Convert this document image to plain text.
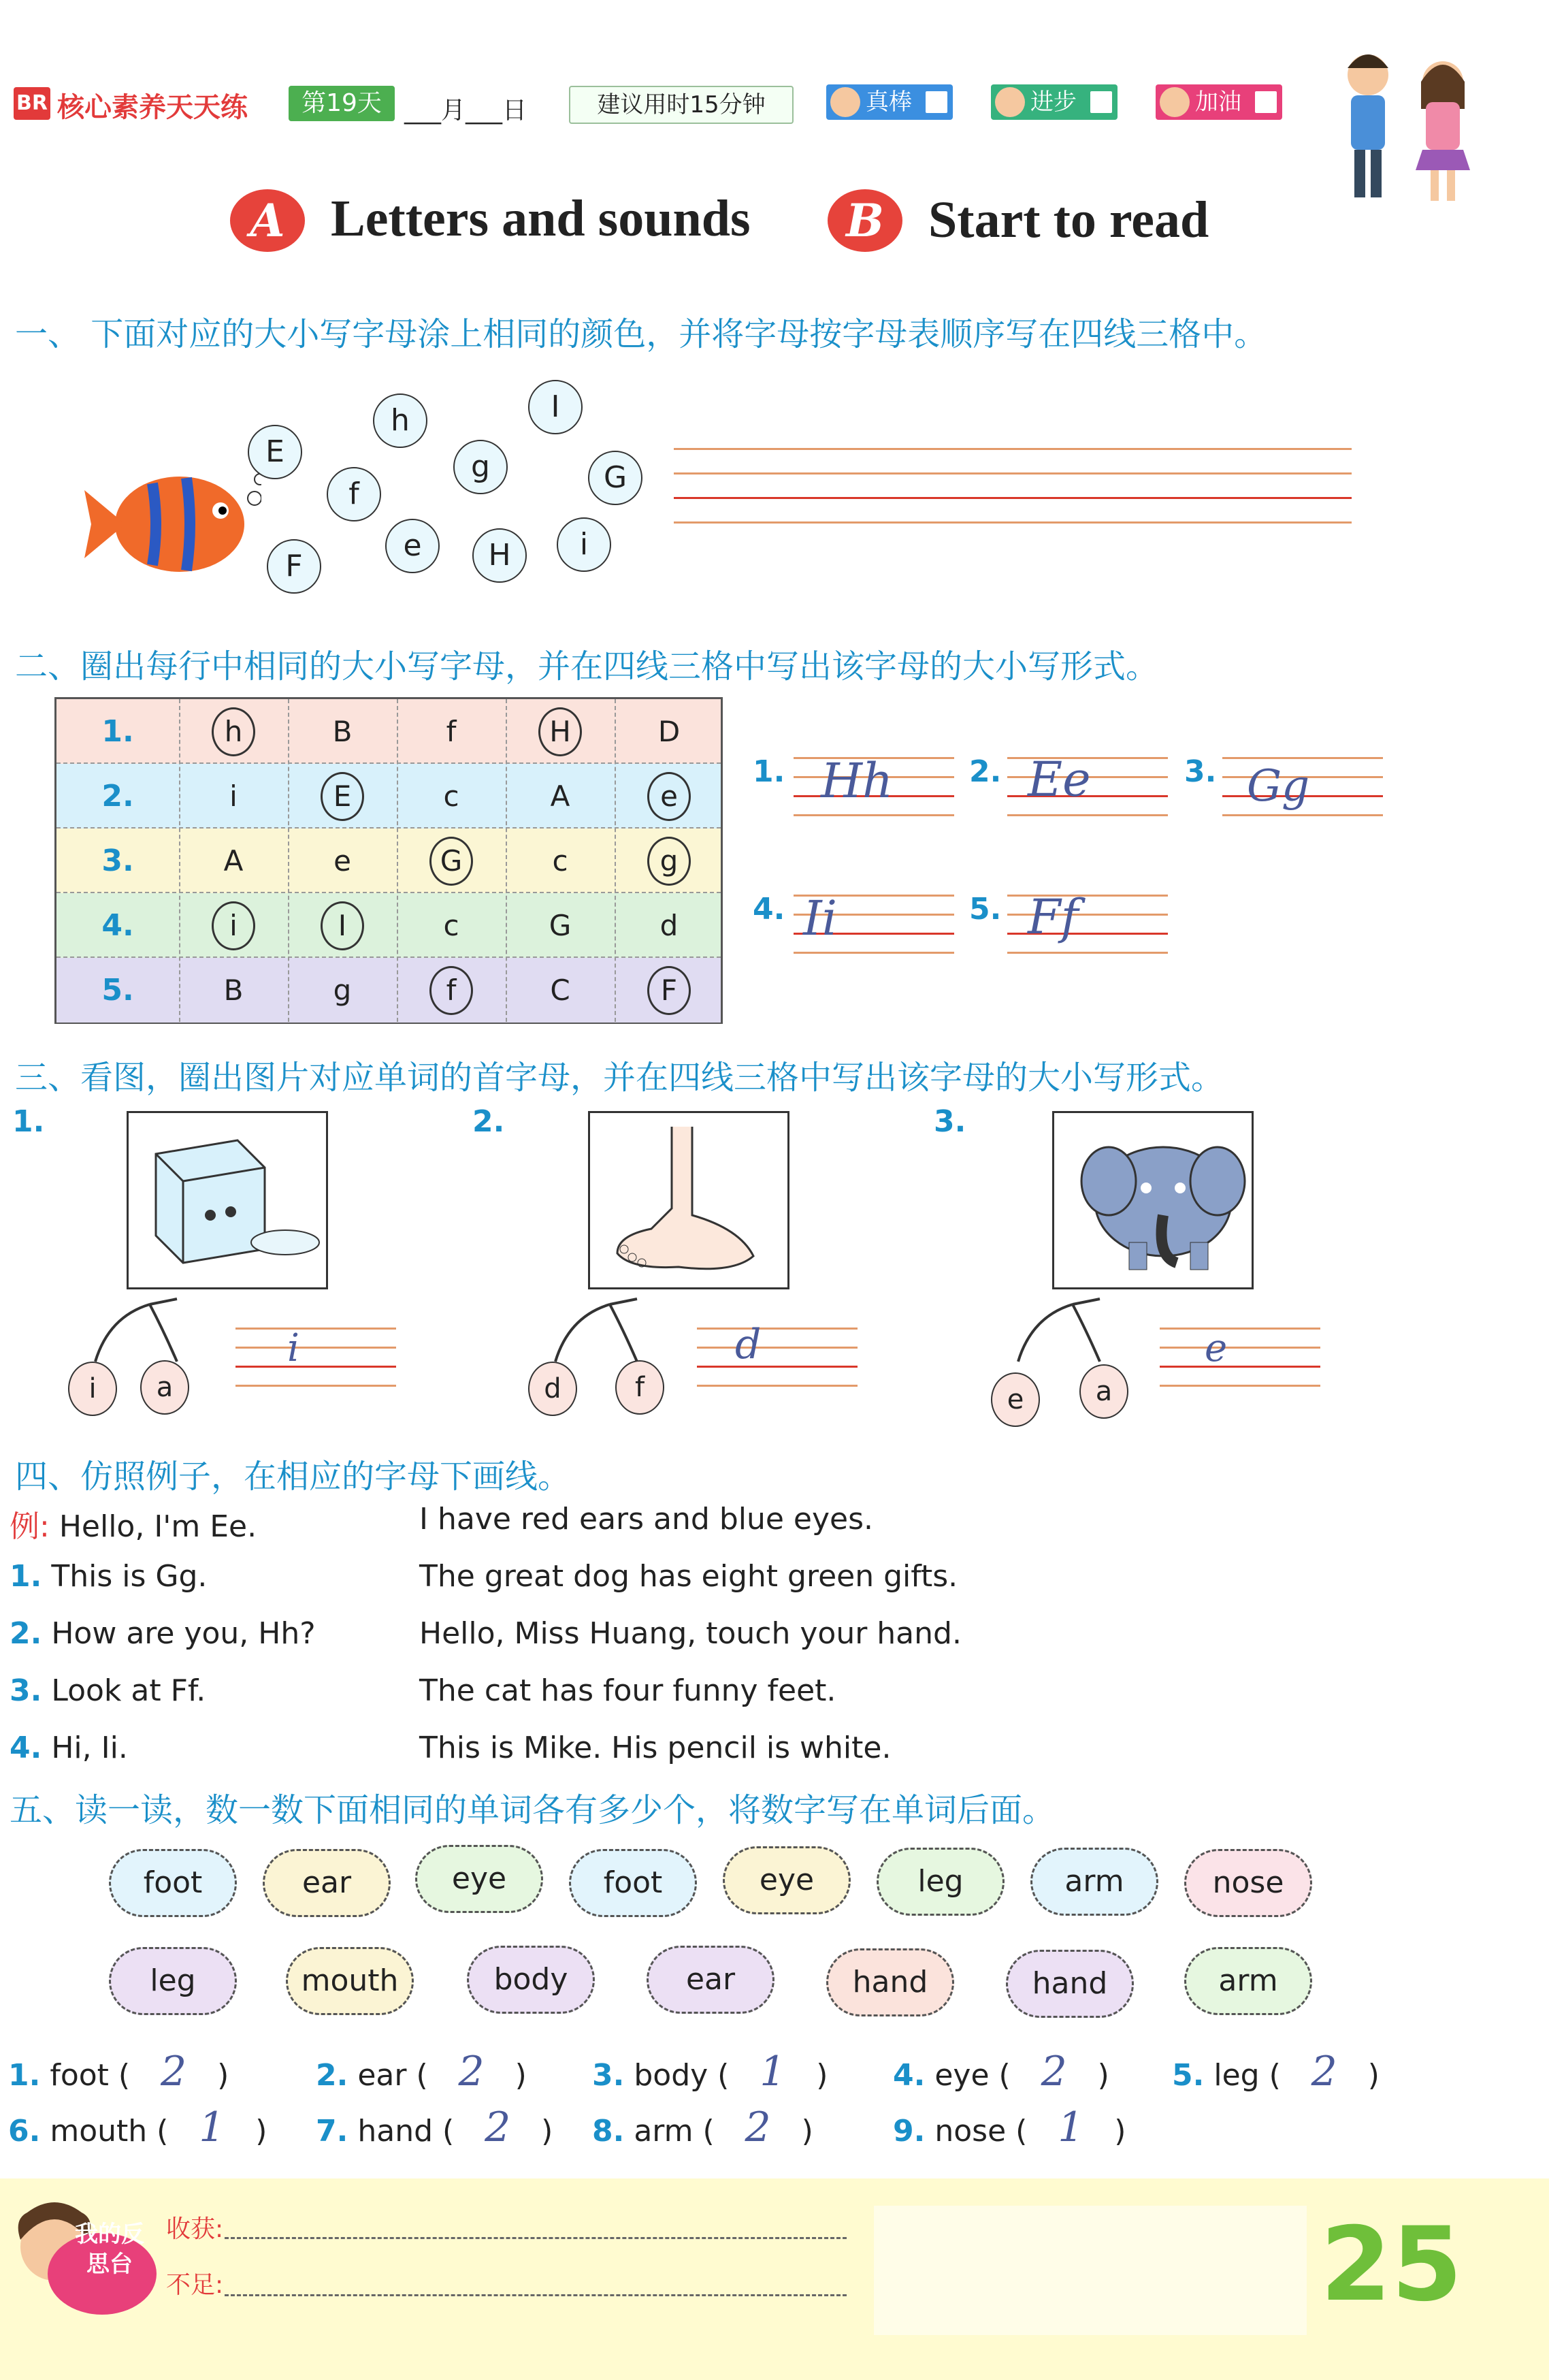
BR 核心素养天天练	第19天 ___月___日	建议用时15分钟	真棒	进步	加油
A Letters and sounds	B Start to read
一、 下面对应的大小写字母涂上相同的颜色，并将字母按字母表顺序写在四线三格中。
h	I
E	g	G
f
e	H	i
F
二、圈出每行中相同的大小写字母，并在四线三格中写出该字母的大小写形式。
1.	h	B	f	H	D
2.	i	E	c	A	e
3.	A	e	G	c	g
4.	i	I	c	G	d
5.	B	g	f	C	F
1. Hh	2. Ee	3. Gg
4. Ii	5. Ff
三、看图，圈出图片对应单词的首字母，并在四线三格中写出该字母的大小写形式。
1.
i	a
i
2.
d	f
d
3.
e	a
e
四、仿照例子，在相应的字母下画线。
例: Hello, I'm Ee.	I have red ears and blue eyes.
1. This is Gg.	The great dog has eight green gifts.
2. How are you, Hh?	Hello, Miss Huang, touch your hand.
3. Look at Ff.	The cat has four funny feet.
4. Hi, Ii.	This is Mike. His pencil is white.
五、读一读，数一数下面相同的单词各有多少个，将数字写在单词后面。
foot	ear	eye	foot	eye	leg	arm	nose
leg	mouth	body	ear	hand	hand	arm
1. foot ( 2 )	2. ear ( 2 ) 3. body ( 1 ) 4. eye ( 2 ) 5. leg ( 2 )
6. mouth ( 1 ) 7. hand ( 2 ) 8. arm ( 2 )	9. nose ( 1 )
我的反思台
收获:
不足:	25
